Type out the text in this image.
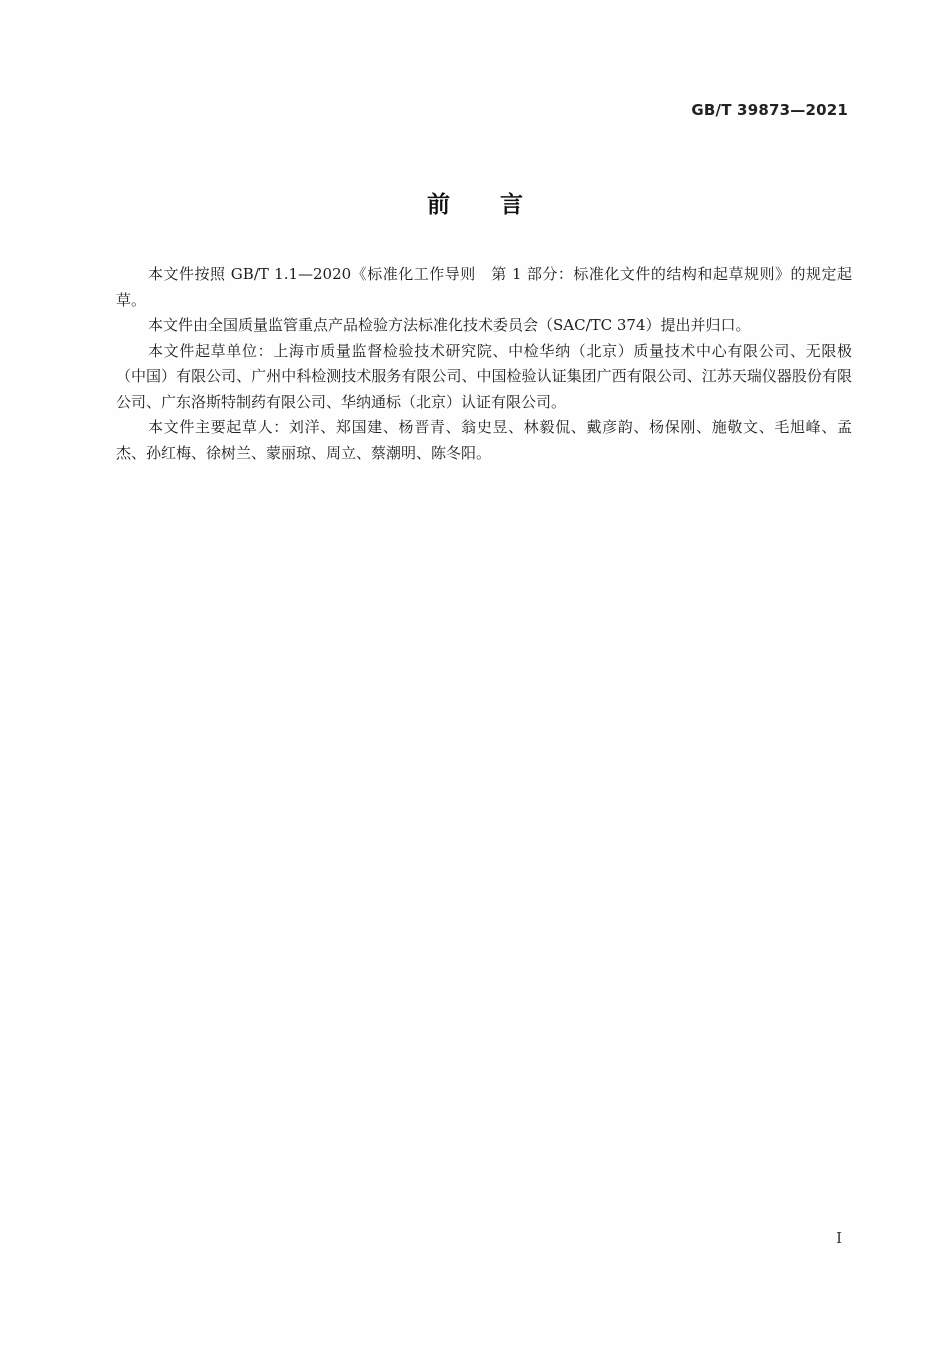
GB/T 39873—2021
前言

本文件按照 GB/T 1.1—2020《标准化工作导则　第 1 部分：标准化文件的结构和起草规则》的规定起草。

本文件由全国质量监管重点产品检验方法标准化技术委员会（SAC/TC 374）提出并归口。

本文件起草单位：上海市质量监督检验技术研究院、中检华纳（北京）质量技术中心有限公司、无限极（中国）有限公司、广州中科检测技术服务有限公司、中国检验认证集团广西有限公司、江苏天瑞仪器股份有限公司、广东洛斯特制药有限公司、华纳通标（北京）认证有限公司。

本文件主要起草人：刘洋、郑国建、杨晋青、翁史昱、林毅侃、戴彦韵、杨保刚、施敬文、毛旭峰、孟杰、孙红梅、徐树兰、蒙丽琼、周立、蔡潮明、陈冬阳。

I
